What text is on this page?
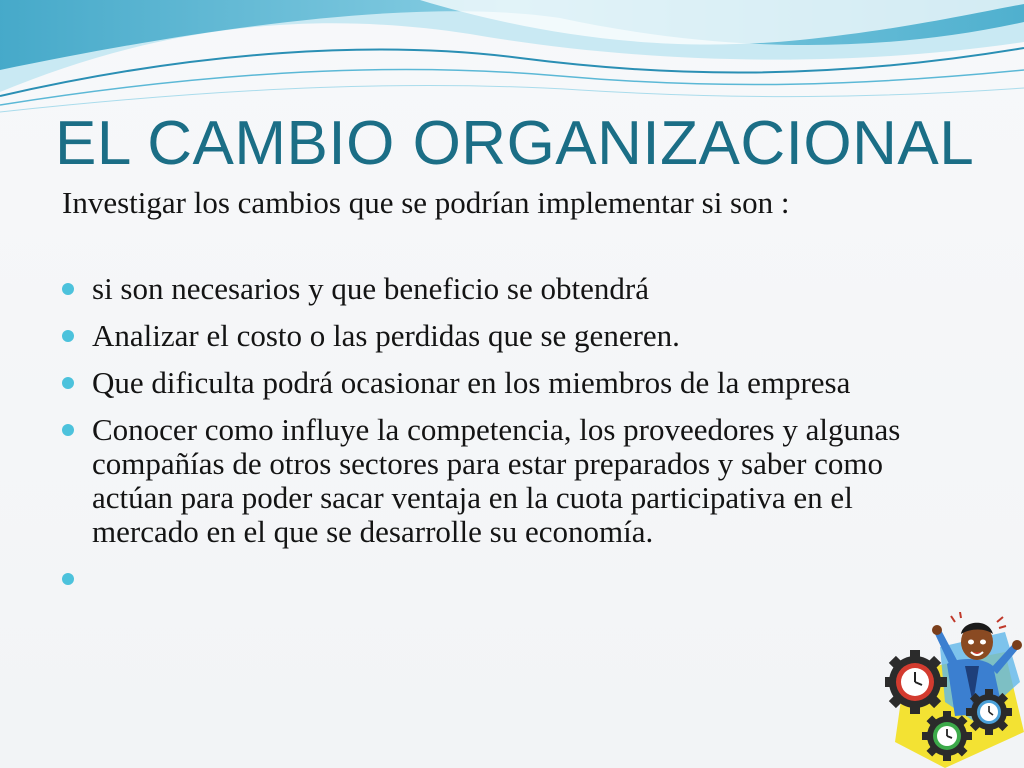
EL CAMBIO ORGANIZACIONAL

Investigar los cambios que se podrían implementar si son :

si son necesarios y que beneficio se obtendrá
Analizar el costo o las perdidas que se generen.
Que dificulta podrá ocasionar en los miembros de la empresa
Conocer como influye la competencia, los proveedores y algunas compañías de otros sectores para estar preparados y saber como actúan para poder sacar ventaja en la cuota participativa en el mercado en el que se desarrolle su economía.
